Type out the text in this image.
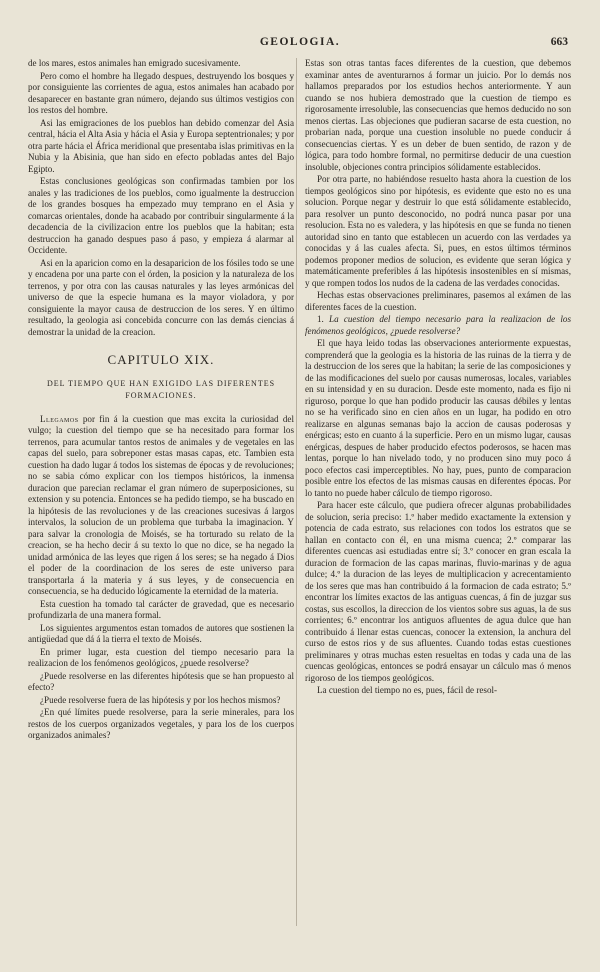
GEOLOGIA.	663

de los mares, estos animales han emigrado sucesivamente.

Pero como el hombre ha llegado despues, destruyendo los bosques y por consiguiente las corrientes de agua, estos animales han acabado por desaparecer en bastante gran número, dejando sus últimos vestigios con los restos del hombre.

Asi las emigraciones de los pueblos han debido comenzar del Asia central, hácia el Alta Asia y hácia el Asia y Europa septentrionales; y por otra parte hácia el África meridional que presentaba islas primitivas en la Nubia y la Abisinia, que han sido en efecto pobladas antes del Bajo Egipto.

Estas conclusiones geológicas son confirmadas tambien por los anales y las tradiciones de los pueblos, como igualmente la destruccion de los grandes bosques ha empezado muy temprano en el Asia y comarcas orientales, donde ha acabado por contribuir singularmente á la decadencia de la civilizacion entre los pueblos que la habitan; esta destruccion ha ganado despues paso á paso, y empieza á alarmar al Occidente.

Asi en la aparicion como en la desaparicion de los fósiles todo se une y encadena por una parte con el órden, la posicion y la naturaleza de los terrenos, y por otra con las causas naturales y las leyes armónicas del universo de que la especie humana es la mayor violadora, y por consiguiente la mayor causa de destruccion de los seres. Y en último resultado, la geologia asi concebida concurre con las demás ciencias á demostrar la unidad de la creacion.

CAPITULO XIX.
DEL TIEMPO QUE HAN EXIGIDO LAS DIFERENTES FORMACIONES.

Llegamos por fin á la cuestion que mas excita la curiosidad del vulgo; la cuestion del tiempo que se ha necesitado para formar los terrenos, para acumular tantos restos de animales y de vegetales en las capas del suelo, para sobreponer estas masas capas, etc. Tambien esta cuestion ha dado lugar á todos los sistemas de épocas y de revoluciones; no se sabia cómo explicar con los tiempos históricos, la inmensa duracion que parecian reclamar el gran número de superposiciones, su extension y su potencia. Entonces se ha pedido tiempo, se ha buscado en la hipótesis de las revoluciones y de las creaciones sucesivas á largos intervalos, la solucion de un problema que turbaba la imaginacion. Y para salvar la cronologia de Moisés, se ha torturado su relato de la creacion, se ha hecho decir á su texto lo que no dice, se ha negado la unidad armónica de las leyes que rigen á los seres; se ha negado á Dios el poder de la coordinacion de los seres de este universo para transportarla á la materia y á sus leyes, y de consecuencia en consecuencia, se ha deducido lógicamente la eternidad de la materia.

Esta cuestion ha tomado tal carácter de gravedad, que es necesario profundizarla de una manera formal.

Los siguientes argumentos estan tomados de autores que sostienen la antigüedad que dá á la tierra el texto de Moisés.

En primer lugar, esta cuestion del tiempo necesario para la realizacion de los fenómenos geológicos, ¿puede resolverse?

¿Puede resolverse en las diferentes hipótesis que se han propuesto al efecto?

¿Puede resolverse fuera de las hipótesis y por los hechos mismos?

¿En qué límites puede resolverse, para la serie minerales, para los restos de los cuerpos organizados vegetales, y para los de los cuerpos organizados animales?

Estas son otras tantas faces diferentes de la cuestion, que debemos examinar antes de aventurarnos á formar un juicio. Por lo demás nos hallamos preparados por los estudios hechos anteriormente. Y aun cuando se nos hubiera demostrado que la cuestion de tiempo es rigorosamente irresoluble, las consecuencias que hemos deducido no son menos ciertas. Las objeciones que pudieran sacarse de esta cuestion, no probarian nada, porque una cuestion insoluble no puede conducir á consecuencias ciertas. Y es un deber de buen sentido, de razon y de lógica, para todo hombre formal, no permitirse deducir de una cuestion insoluble, objeciones contra principios sólidamente establecidos.

Por otra parte, no habiéndose resuelto hasta ahora la cuestion de los tiempos geológicos sino por hipótesis, es evidente que esto no es una solucion. Porque negar y destruir lo que está sólidamente establecido, para resolver un punto desconocido, no podrá nunca pasar por una resolucion. Esta no es valedera, y las hipótesis en que se funda no tienen autoridad sino en tanto que establecen un acuerdo con las verdades ya conocidas y á las cuales afecta. Si, pues, en estos últimos términos podemos proponer medios de solucion, es evidente que seran lógica y matemáticamente preferibles á las hipótesis insostenibles en sí mismas, y que rompen todos los nudos de la cadena de las verdades conocidas.

Hechas estas observaciones preliminares, pasemos al exámen de las diferentes faces de la cuestion.

1. La cuestion del tiempo necesario para la realizacion de los fenómenos geológicos, ¿puede resolverse?

El que haya leido todas las observaciones anteriormente expuestas, comprenderá que la geologia es la historia de las ruinas de la tierra y de la destruccion de los seres que la habitan; la serie de las composiciones y de las modificaciones del suelo por causas numerosas, locales, variables en su intensidad y en su duracion. Desde este momento, nada es fijo ni riguroso, porque lo que han podido producir las causas débiles y lentas no se ha verificado sino en cien años en un lugar, ha podido en otro realizarse en algunas semanas bajo la accion de causas poderosas y enérgicas; esto en cuanto á la superficie. Pero en un mismo lugar, causas enérgicas, despues de haber producido efectos poderosos, se hacen mas lentas, porque lo han nivelado todo, y no producen sino muy poco á poco efectos casi imperceptibles. No hay, pues, punto de comparacion posible entre los efectos de las mismas causas en diferentes épocas. Por lo tanto no puede haber cálculo de tiempo rigoroso.

Para hacer este cálculo, que pudiera ofrecer algunas probabilidades de solucion, seria preciso: 1.º haber medido exactamente la extension y potencia de cada estrato, sus relaciones con todos los estratos que se hallan en contacto con él, en una misma cuenca; 2.º comparar las diferentes cuencas asi estudiadas entre sí; 3.º conocer en gran escala la duracion de formacion de las capas marinas, fluvio-marinas y de agua dulce; 4.º la duracion de las leyes de multiplicacion y acrecentamiento de los seres que mas han contribuido á la formacion de cada estrato; 5.º encontrar los límites exactos de las antiguas cuencas, á fin de juzgar sus costas, sus escollos, la direccion de los vientos sobre sus aguas, la de sus corrientes; 6.º encontrar los antiguos afluentes de agua dulce que han contribuido á llenar estas cuencas, conocer la extension, la anchura del curso de estos rios y de sus afluentes. Cuando todas estas cuestiones preliminares y otras muchas esten resueltas en todas y cada una de las cuencas geológicas, entonces se podrá ensayar un cálculo mas ó menos rigoroso de los tiempos geológicos.

La cuestion del tiempo no es, pues, fácil de resol-
